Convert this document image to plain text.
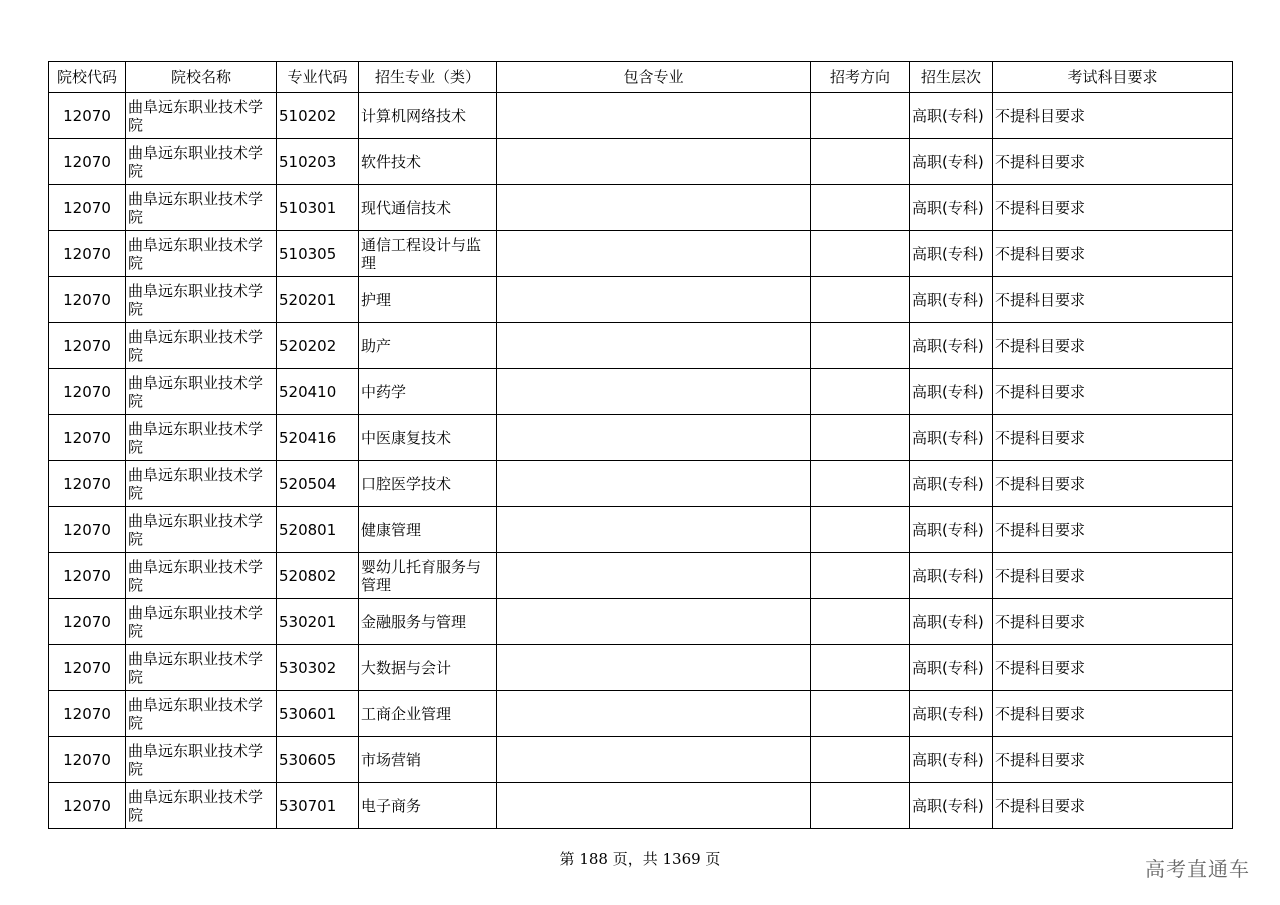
院校代码	院校名称	专业代码	招生专业（类）	包含专业	招考方向	招生层次	考试科目要求
12070	曲阜远东职业技术学院	510202	计算机网络技术			高职(专科)	不提科目要求
12070	曲阜远东职业技术学院	510203	软件技术			高职(专科)	不提科目要求
12070	曲阜远东职业技术学院	510301	现代通信技术			高职(专科)	不提科目要求
12070	曲阜远东职业技术学院	510305	通信工程设计与监理			高职(专科)	不提科目要求
12070	曲阜远东职业技术学院	520201	护理			高职(专科)	不提科目要求
12070	曲阜远东职业技术学院	520202	助产			高职(专科)	不提科目要求
12070	曲阜远东职业技术学院	520410	中药学			高职(专科)	不提科目要求
12070	曲阜远东职业技术学院	520416	中医康复技术			高职(专科)	不提科目要求
12070	曲阜远东职业技术学院	520504	口腔医学技术			高职(专科)	不提科目要求
12070	曲阜远东职业技术学院	520801	健康管理			高职(专科)	不提科目要求
12070	曲阜远东职业技术学院	520802	婴幼儿托育服务与管理			高职(专科)	不提科目要求
12070	曲阜远东职业技术学院	530201	金融服务与管理			高职(专科)	不提科目要求
12070	曲阜远东职业技术学院	530302	大数据与会计			高职(专科)	不提科目要求
12070	曲阜远东职业技术学院	530601	工商企业管理			高职(专科)	不提科目要求
12070	曲阜远东职业技术学院	530605	市场营销			高职(专科)	不提科目要求
12070	曲阜远东职业技术学院	530701	电子商务			高职(专科)	不提科目要求
第 188 页，共 1369 页	高考直通车
